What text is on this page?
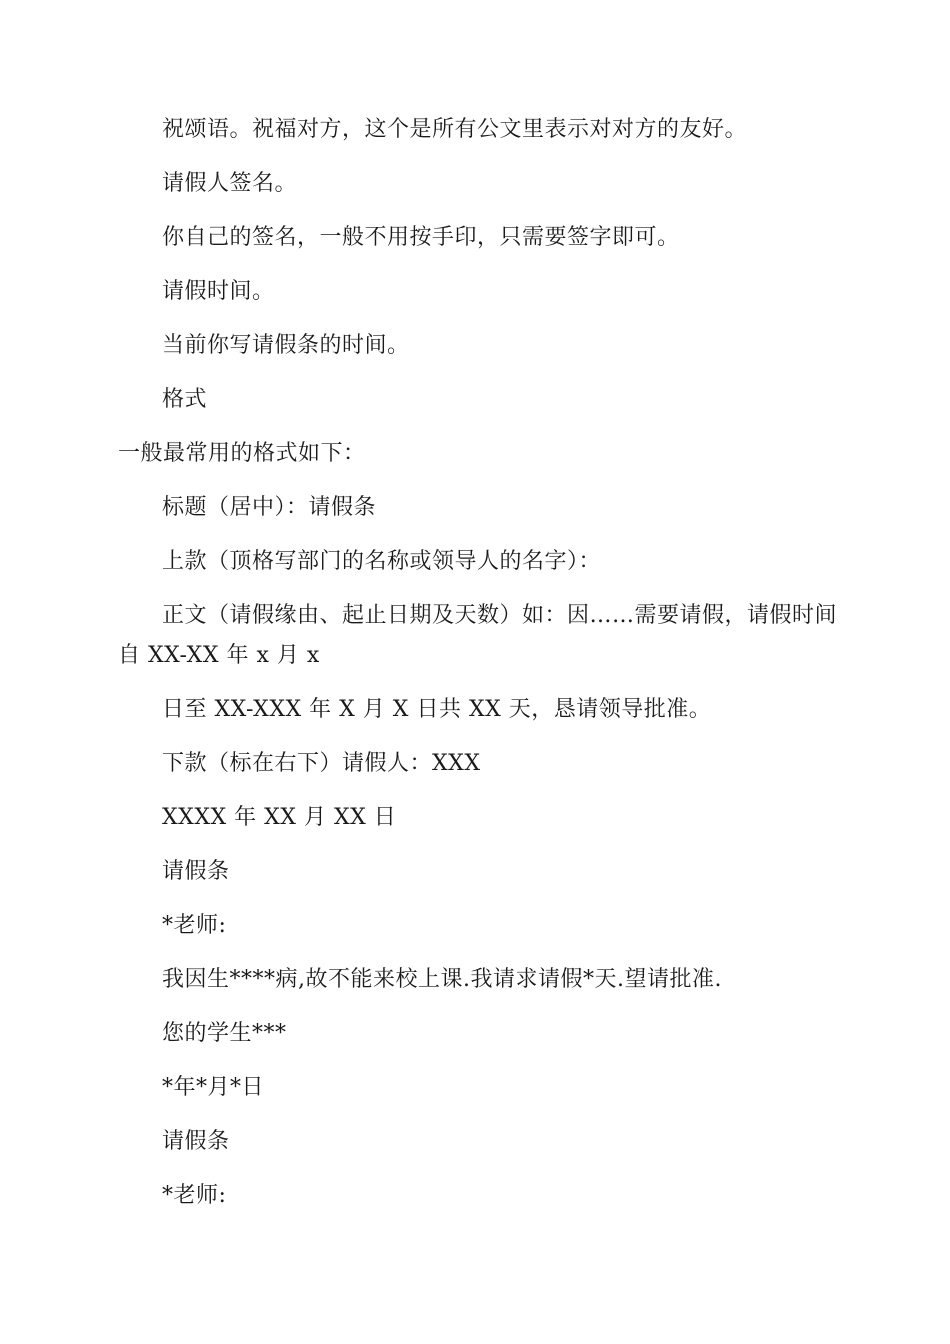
祝颂语。祝福对方，这个是所有公文里表示对对方的友好。
请假人签名。
你自己的签名，一般不用按手印，只需要签字即可。
请假时间。
当前你写请假条的时间。
格式
一般最常用的格式如下：
标题（居中）：请假条
上款（顶格写部门的名称或领导人的名字）：
正文（请假缘由、起止日期及天数）如：因……需要请假，请假时间
自 XX-XX 年 x 月 x
日至 XX-XXX 年 X 月 X 日共 XX 天，恳请领导批准。
下款（标在右下）请假人：XXX
XXXX 年 XX 月 XX 日
请假条
*老师:
我因生****病,故不能来校上课.我请求请假*天.望请批准.
您的学生***
*年*月*日
请假条
*老师:
